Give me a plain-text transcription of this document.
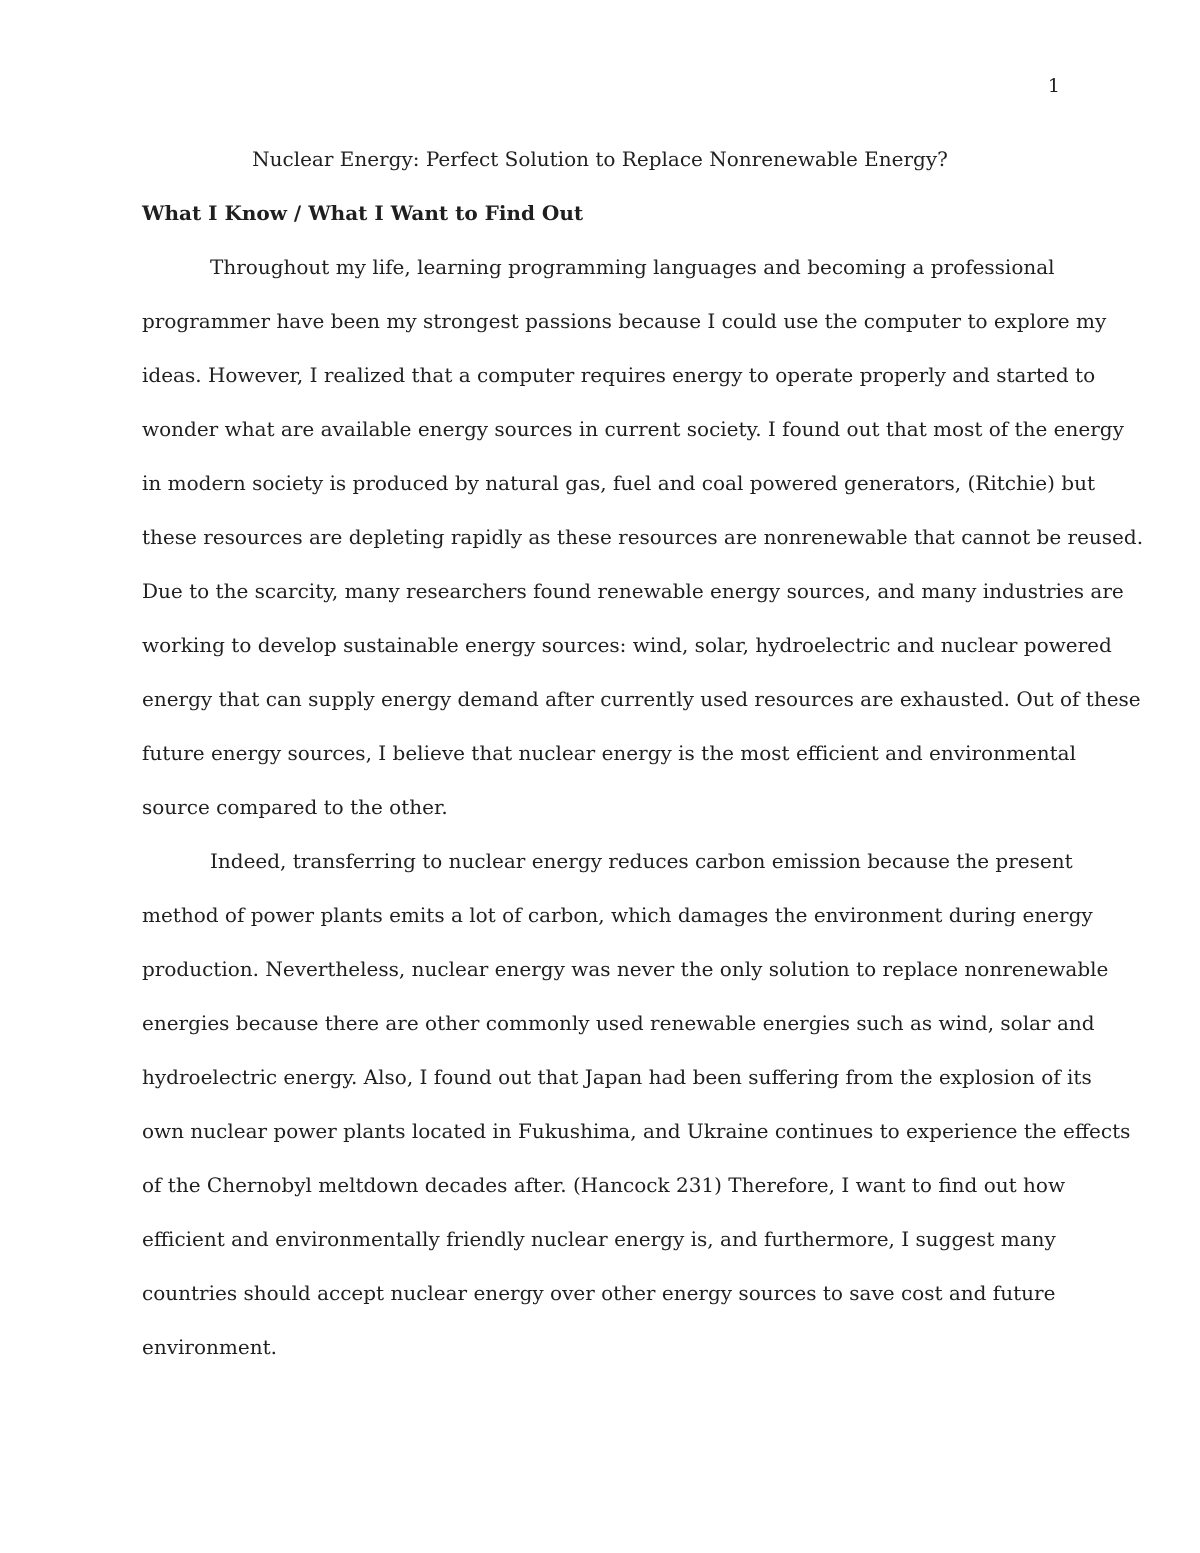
1
Nuclear Energy: Perfect Solution to Replace Nonrenewable Energy?
What I Know / What I Want to Find Out
Throughout my life, learning programming languages and becoming a professional
programmer have been my strongest passions because I could use the computer to explore my
ideas. However, I realized that a computer requires energy to operate properly and started to
wonder what are available energy sources in current society. I found out that most of the energy
in modern society is produced by natural gas, fuel and coal powered generators, (Ritchie) but
these resources are depleting rapidly as these resources are nonrenewable that cannot be reused.
Due to the scarcity, many researchers found renewable energy sources, and many industries are
working to develop sustainable energy sources: wind, solar, hydroelectric and nuclear powered
energy that can supply energy demand after currently used resources are exhausted. Out of these
future energy sources, I believe that nuclear energy is the most efficient and environmental
source compared to the other.
Indeed, transferring to nuclear energy reduces carbon emission because the present
method of power plants emits a lot of carbon, which damages the environment during energy
production. Nevertheless, nuclear energy was never the only solution to replace nonrenewable
energies because there are other commonly used renewable energies such as wind, solar and
hydroelectric energy. Also, I found out that Japan had been suffering from the explosion of its
own nuclear power plants located in Fukushima, and Ukraine continues to experience the effects
of the Chernobyl meltdown decades after. (Hancock 231) Therefore, I want to find out how
efficient and environmentally friendly nuclear energy is, and furthermore, I suggest many
countries should accept nuclear energy over other energy sources to save cost and future
environment.
